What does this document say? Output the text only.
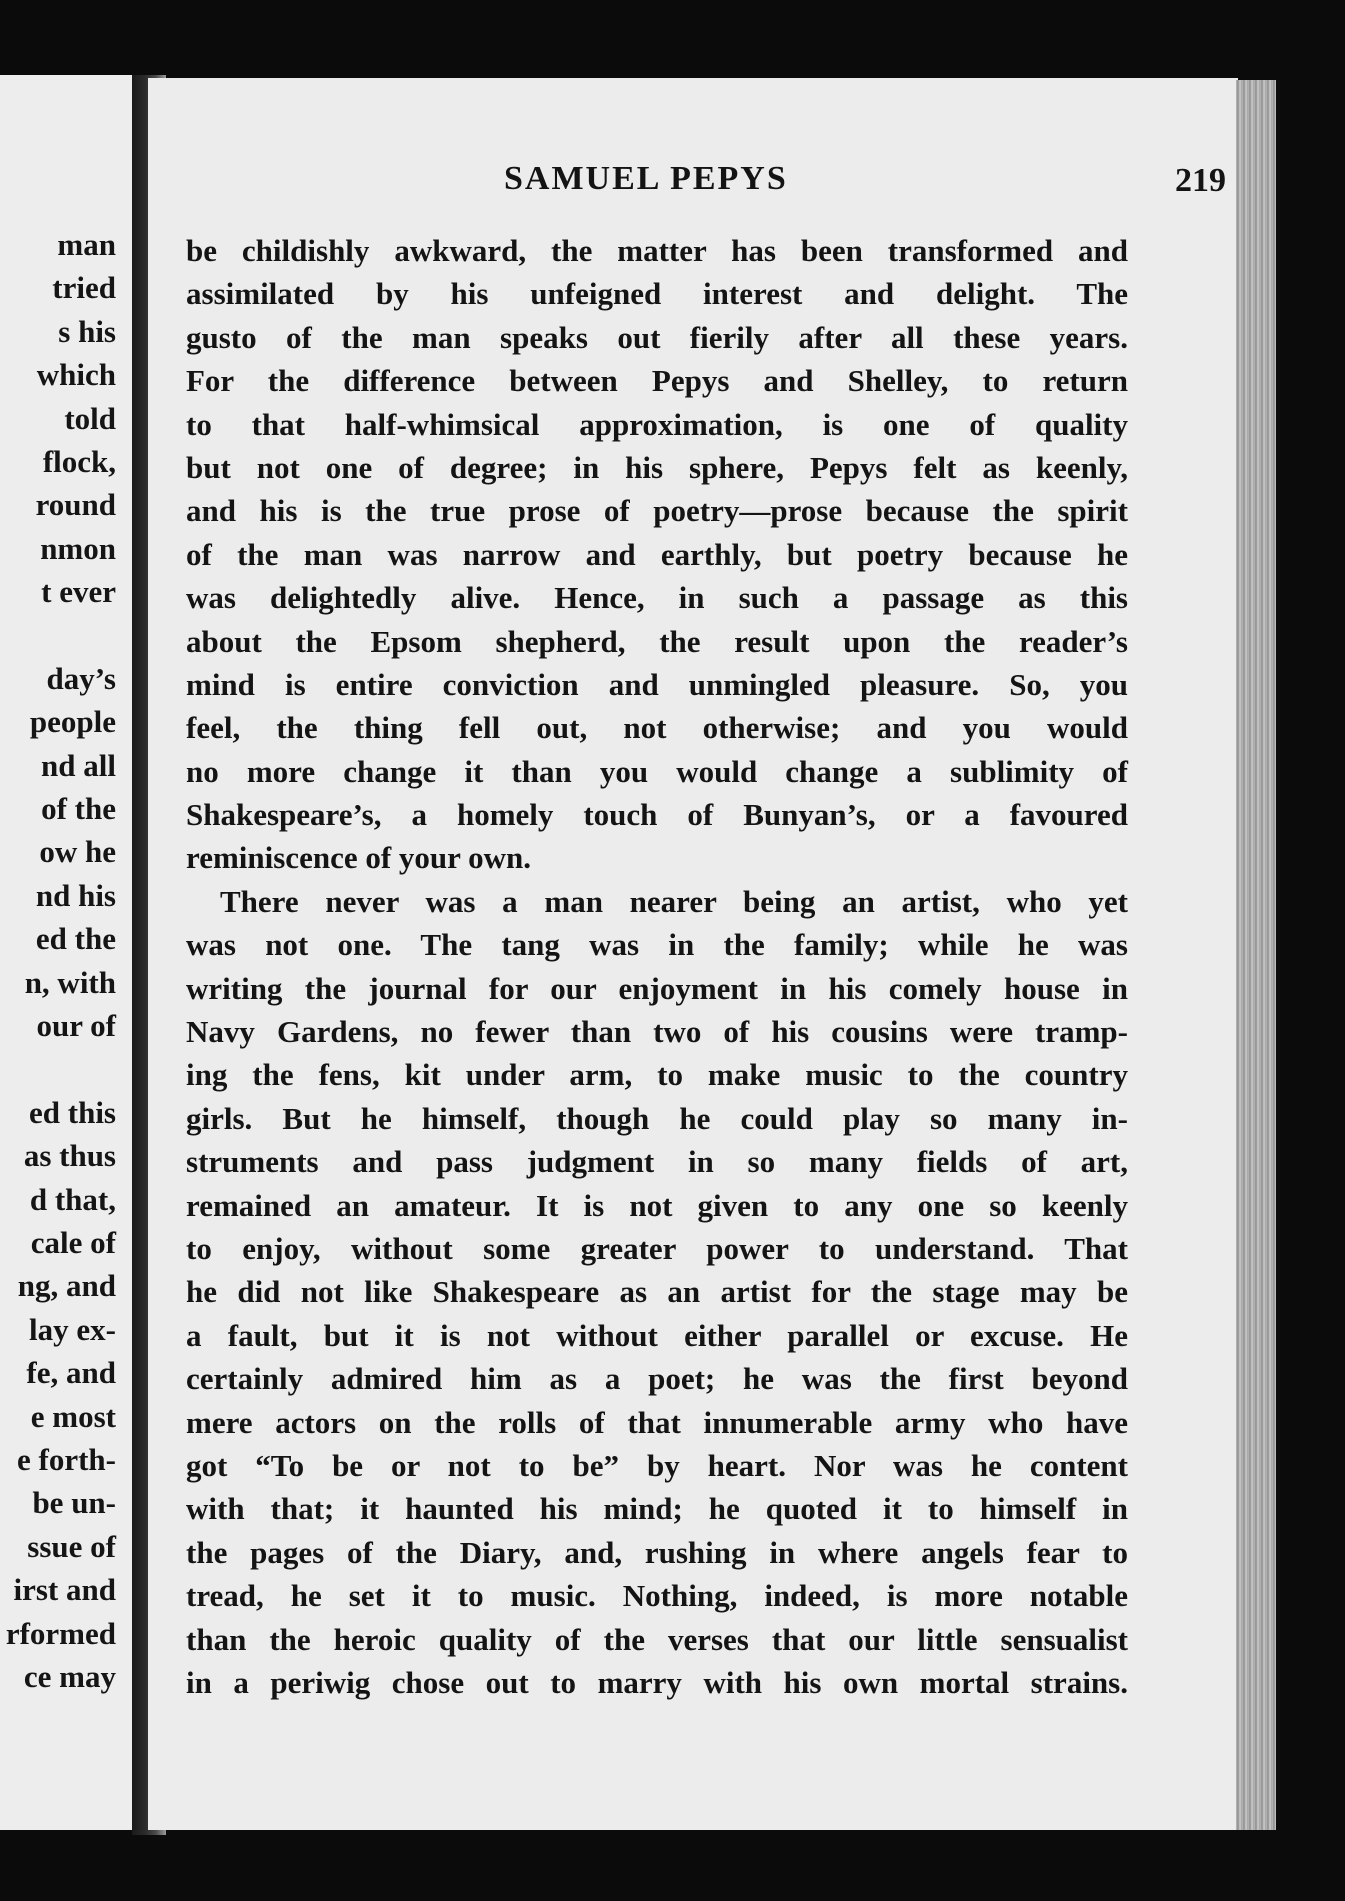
man
tried
s his
which
told
flock,
round
nmon
t ever
day’s
people
nd all
of the
ow he
nd his
ed the
n, with
our of
ed this
as thus
d that,
cale of
ng, and
lay ex-
fe, and
e most
e forth-
be un-
ssue of
irst and
rformed
ce may
SAMUEL PEPYS	219
be childishly awkward, the matter has been transformed and
assimilated by his unfeigned interest and delight. The
gusto of the man speaks out fierily after all these years.
For the difference between Pepys and Shelley, to return
to that half-whimsical approximation, is one of quality
but not one of degree; in his sphere, Pepys felt as keenly,
and his is the true prose of poetry—prose because the spirit
of the man was narrow and earthly, but poetry because he
was delightedly alive. Hence, in such a passage as this
about the Epsom shepherd, the result upon the reader’s
mind is entire conviction and unmingled pleasure. So, you
feel, the thing fell out, not otherwise; and you would
no more change it than you would change a sublimity of
Shakespeare’s, a homely touch of Bunyan’s, or a favoured
reminiscence of your own.
There never was a man nearer being an artist, who yet
was not one. The tang was in the family; while he was
writing the journal for our enjoyment in his comely house in
Navy Gardens, no fewer than two of his cousins were tramp-
ing the fens, kit under arm, to make music to the country
girls. But he himself, though he could play so many in-
struments and pass judgment in so many fields of art,
remained an amateur. It is not given to any one so keenly
to enjoy, without some greater power to understand. That
he did not like Shakespeare as an artist for the stage may be
a fault, but it is not without either parallel or excuse. He
certainly admired him as a poet; he was the first beyond
mere actors on the rolls of that innumerable army who have
got “To be or not to be” by heart. Nor was he content
with that; it haunted his mind; he quoted it to himself in
the pages of the Diary, and, rushing in where angels fear to
tread, he set it to music. Nothing, indeed, is more notable
than the heroic quality of the verses that our little sensualist
in a periwig chose out to marry with his own mortal strains.
